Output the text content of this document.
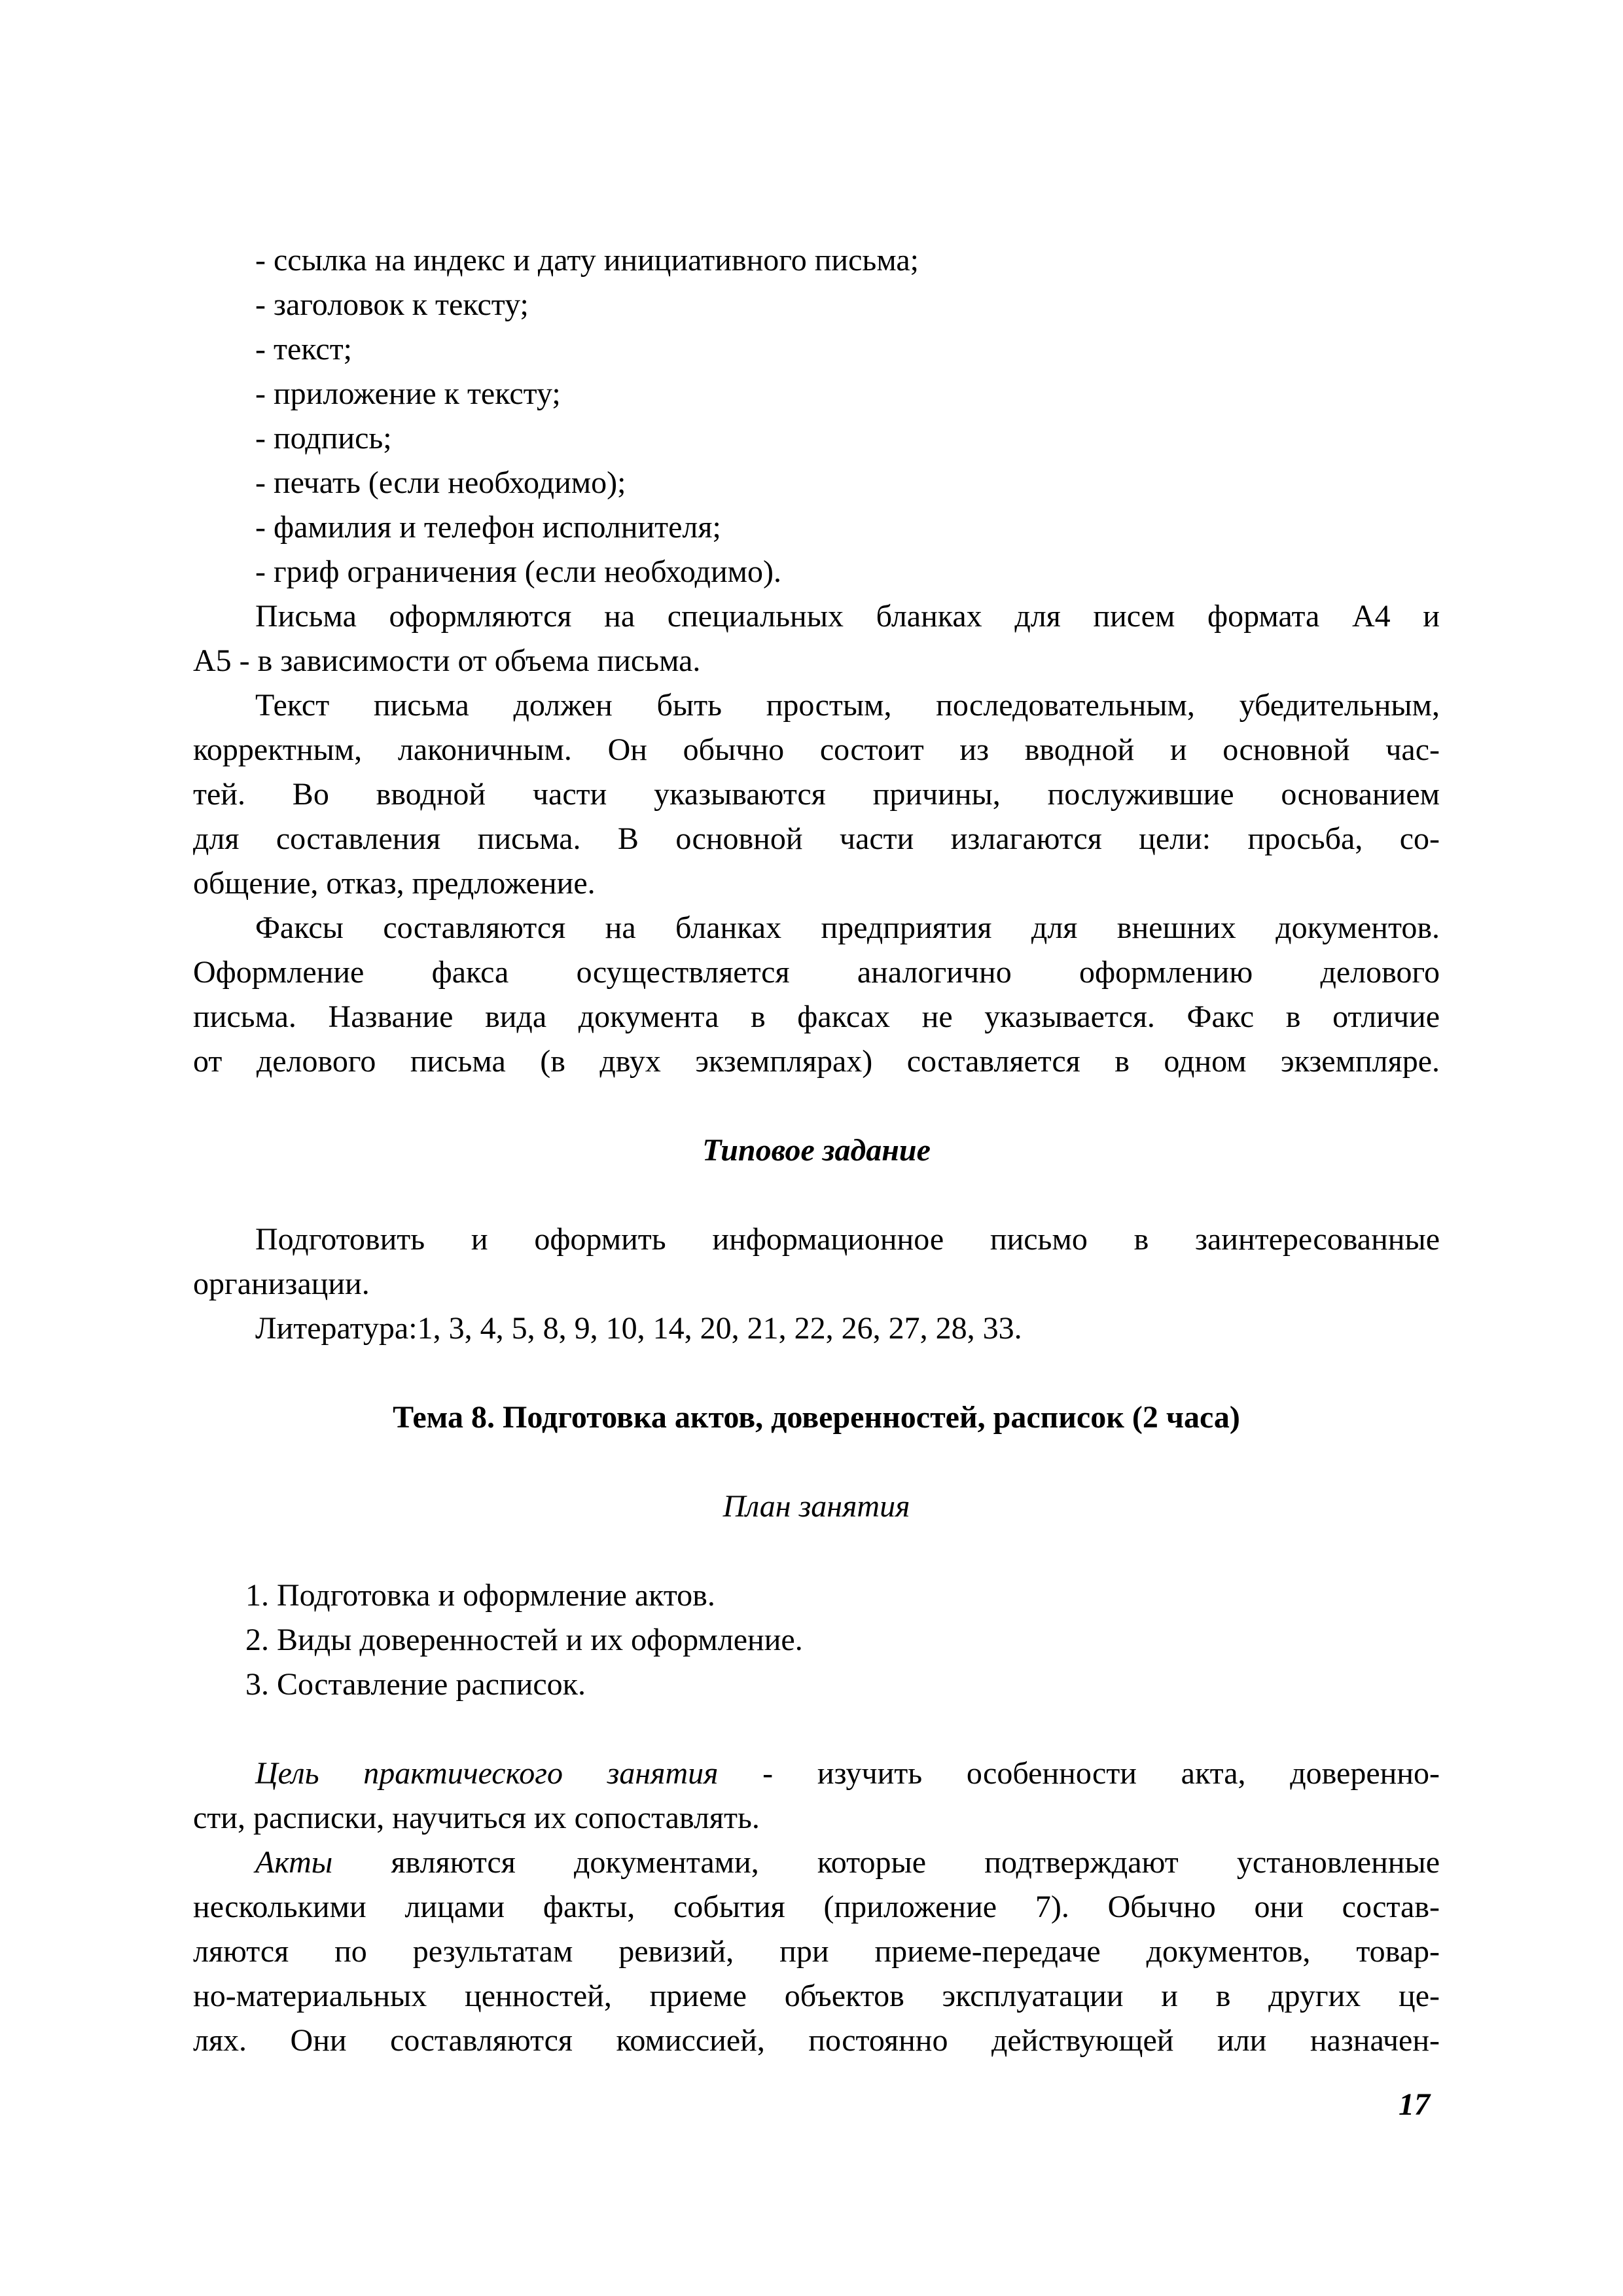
- ссылка на индекс и дату инициативного письма;
- заголовок к тексту;
- текст;
- приложение к тексту;
- подпись;
- печать (если необходимо);
- фамилия и телефон исполнителя;
- гриф ограничения (если необходимо).
Письма оформляются на специальных бланках для писем формата А4 и
А5 - в зависимости от объема письма.
Текст письма должен быть простым, последовательным, убедительным,
корректным, лаконичным. Он обычно состоит из вводной и основной час-
тей. Во вводной части указываются причины, послужившие основанием
для составления письма. В основной части излагаются цели: просьба, со-
общение, отказ, предложение.
Факсы составляются на бланках предприятия для внешних документов.
Оформление факса осуществляется аналогично оформлению делового
письма. Название вида документа в факсах не указывается. Факс в отличие
от делового письма (в двух экземплярах) составляется в одном экземпляре.
Типовое задание
Подготовить и оформить информационное письмо в заинтересованные
организации.
Литература:1, 3, 4, 5, 8, 9, 10, 14, 20, 21, 22, 26, 27, 28, 33.
Тема 8. Подготовка актов, доверенностей, расписок (2 часа)
План занятия
1. Подготовка и оформление актов.
2. Виды доверенностей и их оформление.
3. Составление расписок.
Цель практического занятия - изучить особенности акта, доверенно-
сти, расписки, научиться их сопоставлять.
Акты являются документами, которые подтверждают установленные
несколькими лицами факты, события (приложение 7). Обычно они состав-
ляются по результатам ревизий, при приеме-передаче документов, товар-
но-материальных ценностей, приеме объектов эксплуатации и в других це-
лях. Они составляются комиссией, постоянно действующей или назначен-
17
